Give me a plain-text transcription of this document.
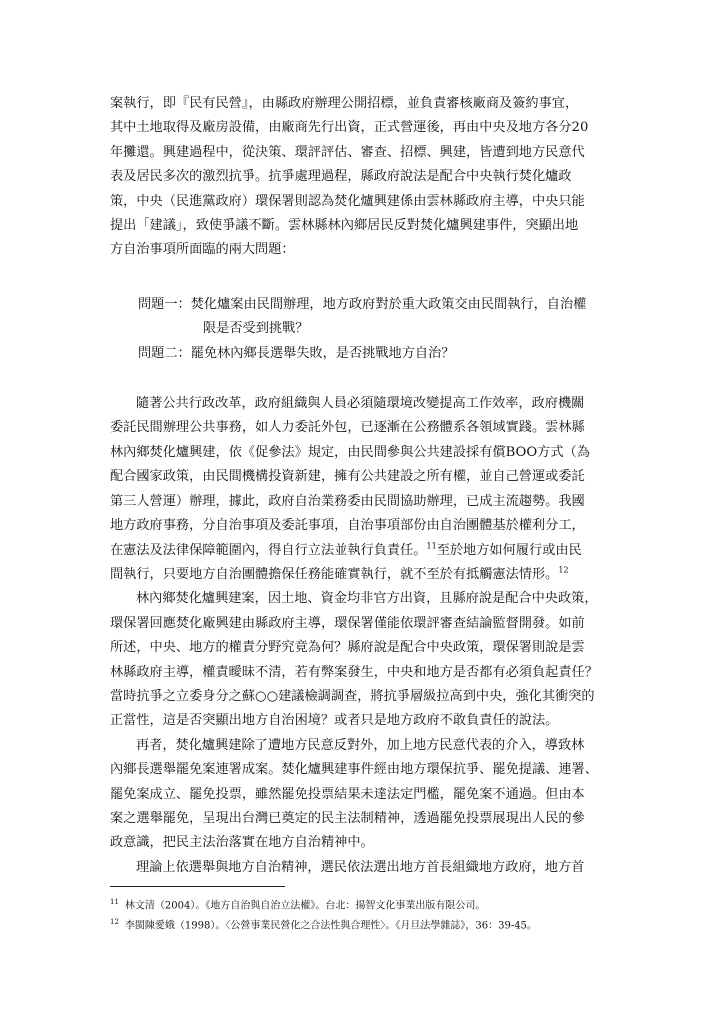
案執行，即『民有民營』，由縣政府辦理公開招標，並負責審核廠商及簽約事宜，
其中土地取得及廠房設備，由廠商先行出資，正式營運後，再由中央及地方各分20
年攤還。興建過程中，從決策、環評評估、審查、招標、興建，皆遭到地方民意代
表及居民多次的激烈抗爭。抗爭處理過程，縣政府說法是配合中央執行焚化爐政
策，中央（民進黨政府）環保署則認為焚化爐興建係由雲林縣政府主導，中央只能
提出「建議」，致使爭議不斷。雲林縣林內鄉居民反對焚化爐興建事件，突顯出地
方自治事項所面臨的兩大問題：

問題一： 焚化爐案由民間辦理，地方政府對於重大政策交由民間執行，自治權
限是否受到挑戰？
問題二： 罷免林內鄉長選舉失敗，是否挑戰地方自治？

隨著公共行政改革，政府組織與人員必須隨環境改變提高工作效率，政府機關
委託民間辦理公共事務，如人力委託外包，已逐漸在公務體系各領域實踐。雲林縣
林內鄉焚化爐興建，依《促參法》規定，由民間參與公共建設採有償BOO方式（為
配合國家政策，由民間機構投資新建，擁有公共建設之所有權，並自己營運或委託
第三人營運）辦理，據此，政府自治業務委由民間協助辦理，已成主流趨勢。我國
地方政府事務，分自治事項及委託事項，自治事項部份由自治團體基於權利分工，
在憲法及法律保障範圍內，得自行立法並執行負責任。$^{11}$至於地方如何履行或由民
間執行，只要地方自治團體擔保任務能確實執行，就不至於有抵觸憲法情形。$^{12}$

林內鄉焚化爐興建案，因土地、資金均非官方出資，且縣府說是配合中央政策，
環保署回應焚化廠興建由縣政府主導，環保署僅能依環評審查結論監督開發。如前
所述，中央、地方的權責分野究竟為何？縣府說是配合中央政策，環保署則說是雲
林縣政府主導，權責曖昧不清，若有弊案發生，中央和地方是否都有必須負起責任？
當時抗爭之立委身分之蘇○○建議檢調調查，將抗爭層級拉高到中央，強化其衝突的
正當性，這是否突顯出地方自治困境？或者只是地方政府不敢負責任的說法。

再者，焚化爐興建除了遭地方民意反對外，加上地方民意代表的介入，導致林
內鄉長選舉罷免案連署成案。焚化爐興建事件經由地方環保抗爭、罷免提議、連署、
罷免案成立、罷免投票，雖然罷免投票結果未達法定門檻，罷免案不通過。但由本
案之選舉罷免，呈現出台灣已奠定的民主法制精神，透過罷免投票展現出人民的參
政意識，把民主法治落實在地方自治精神中。

理論上依選舉與地方自治精神，選民依法選出地方首長組織地方政府，地方首

$^{11}$ 林文清（2004）。《地方自治與自治立法權》。台北：揚智文化事業出版有限公司。
$^{12}$ 李閩陳愛娥（1998）。〈公營事業民營化之合法性與合理性〉。《月旦法學雜誌》，36：39-45。
